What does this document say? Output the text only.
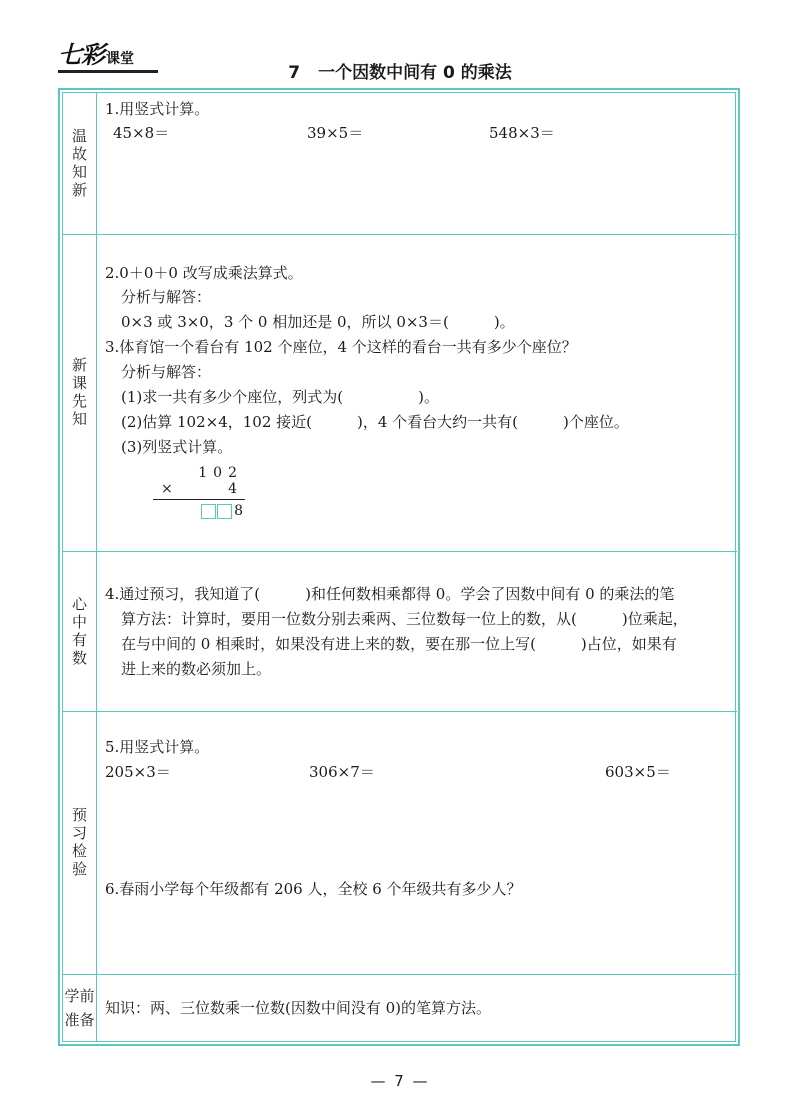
七彩 课堂
7 一个因数中间有 0 的乘法
温故知新
1.用竖式计算。
45×8＝	39×5＝	548×3＝
新课先知
2.0＋0＋0 改写成乘法算式。
分析与解答：
0×3 或 3×0，3 个 0 相加还是 0，所以 0×3＝(　　　)。
3.体育馆一个看台有 102 个座位，4 个这样的看台一共有多少个座位？
分析与解答：
(1)求一共有多少个座位，列式为(　　　　　)。
(2)估算 102×4，102 接近(　　　)，4 个看台大约一共有(　　　)个座位。
(3)列竖式计算。
102
×	4
8
心中有数
4.通过预习，我知道了(　　　)和任何数相乘都得 0。学会了因数中间有 0 的乘法的笔
算方法：计算时，要用一位数分别去乘两、三位数每一位上的数，从(　　　)位乘起，
在与中间的 0 相乘时，如果没有进上来的数，要在那一位上写(　　　)占位，如果有
进上来的数必须加上。
预习检验
5.用竖式计算。
205×3＝	306×7＝	603×5＝
6.春雨小学每个年级都有 206 人，全校 6 个年级共有多少人？
学前
准备
知识：两、三位数乘一位数(因数中间没有 0)的笔算方法。
— 7 —
